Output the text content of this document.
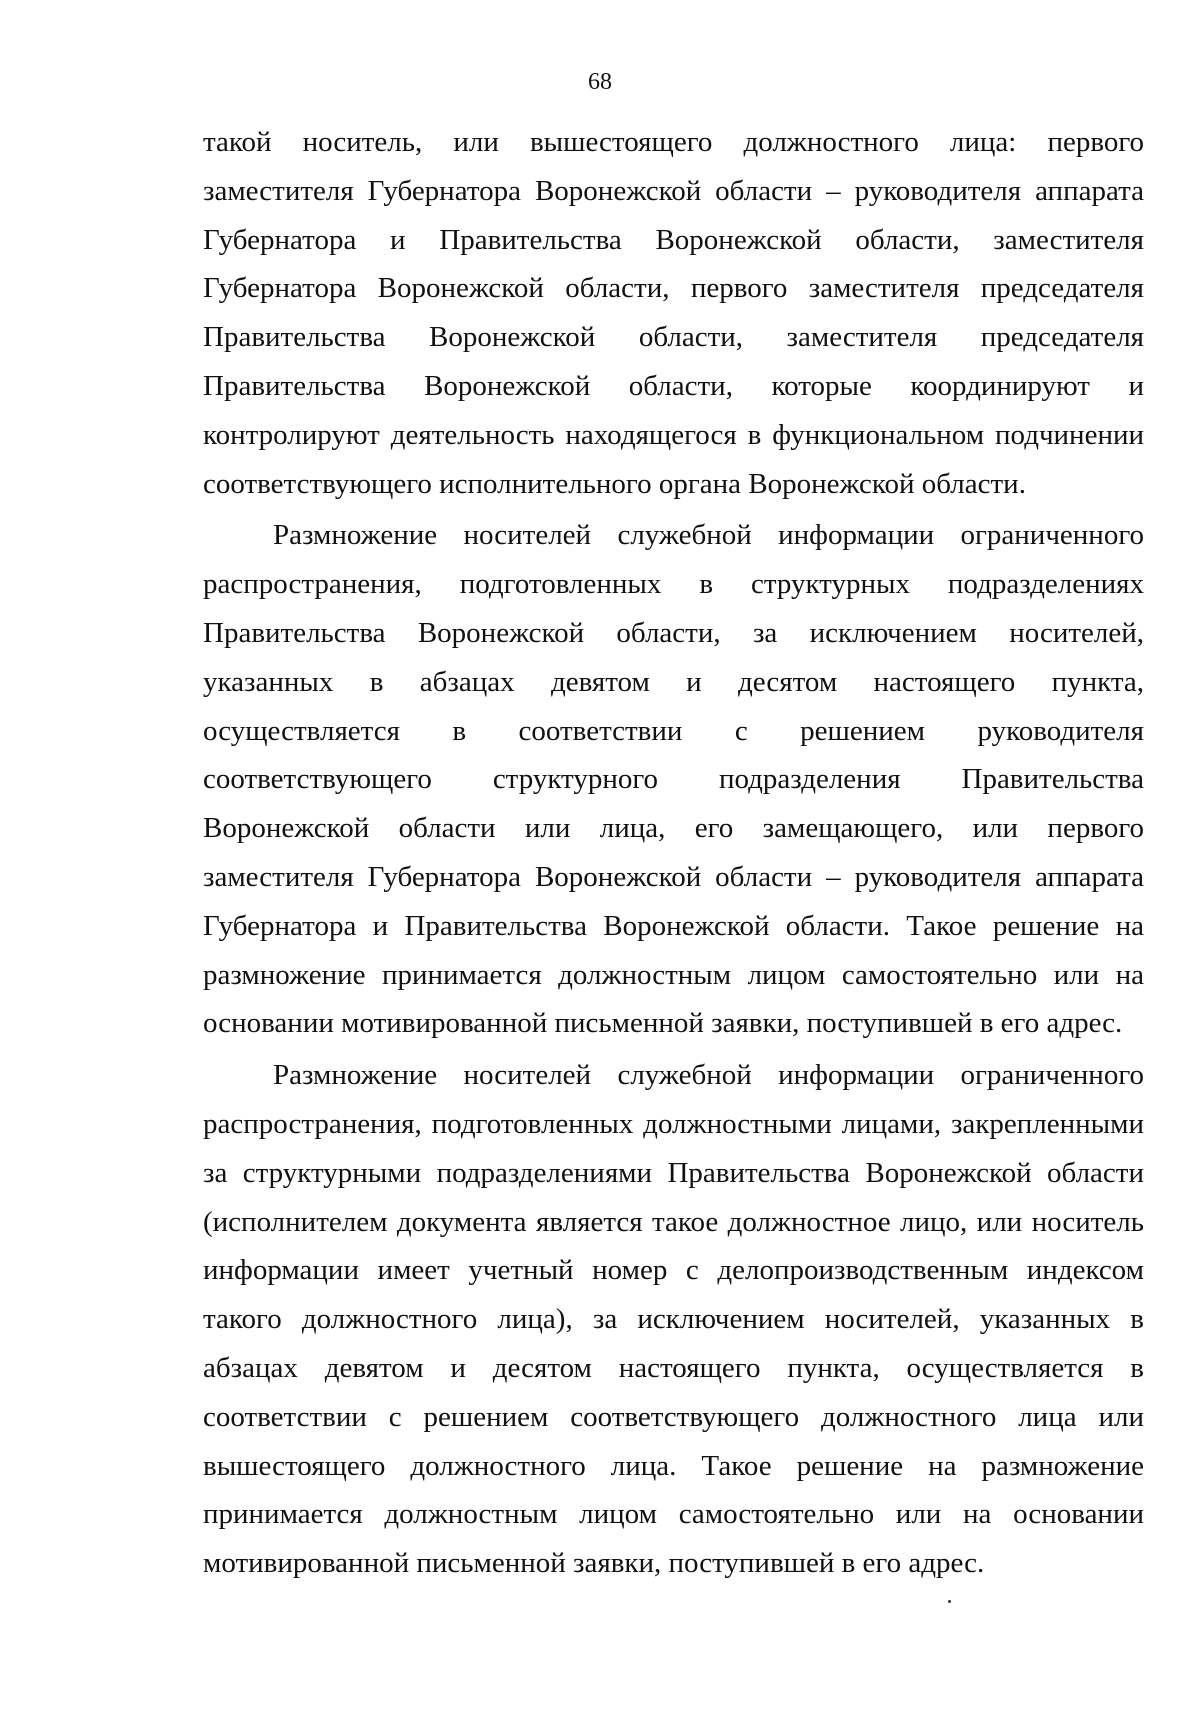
68

такой носитель, или вышестоящего должностного лица: первого заместителя Губернатора Воронежской области – руководителя аппарата Губернатора и Правительства Воронежской области, заместителя Губернатора Воронежской области, первого заместителя председателя Правительства Воронежской области, заместителя председателя Правительства Воронежской области, которые координируют и контролируют деятельность находящегося в функциональном подчинении соответствующего исполнительного органа Воронежской области.

Размножение носителей служебной информации ограниченного распространения, подготовленных в структурных подразделениях Правительства Воронежской области, за исключением носителей, указанных в абзацах девятом и десятом настоящего пункта, осуществляется в соответствии с решением руководителя соответствующего структурного подразделения Правительства Воронежской области или лица, его замещающего, или первого заместителя Губернатора Воронежской области – руководителя аппарата Губернатора и Правительства Воронежской области. Такое решение на размножение принимается должностным лицом самостоятельно или на основании мотивированной письменной заявки, поступившей в его адрес.

Размножение носителей служебной информации ограниченного распространения, подготовленных должностными лицами, закрепленными за структурными подразделениями Правительства Воронежской области (исполнителем документа является такое должностное лицо, или носитель информации имеет учетный номер с делопроизводственным индексом такого должностного лица), за исключением носителей, указанных в абзацах девятом и десятом настоящего пункта, осуществляется в соответствии с решением соответствующего должностного лица или вышестоящего должностного лица. Такое решение на размножение принимается должностным лицом самостоятельно или на основании мотивированной письменной заявки, поступившей в его адрес.
